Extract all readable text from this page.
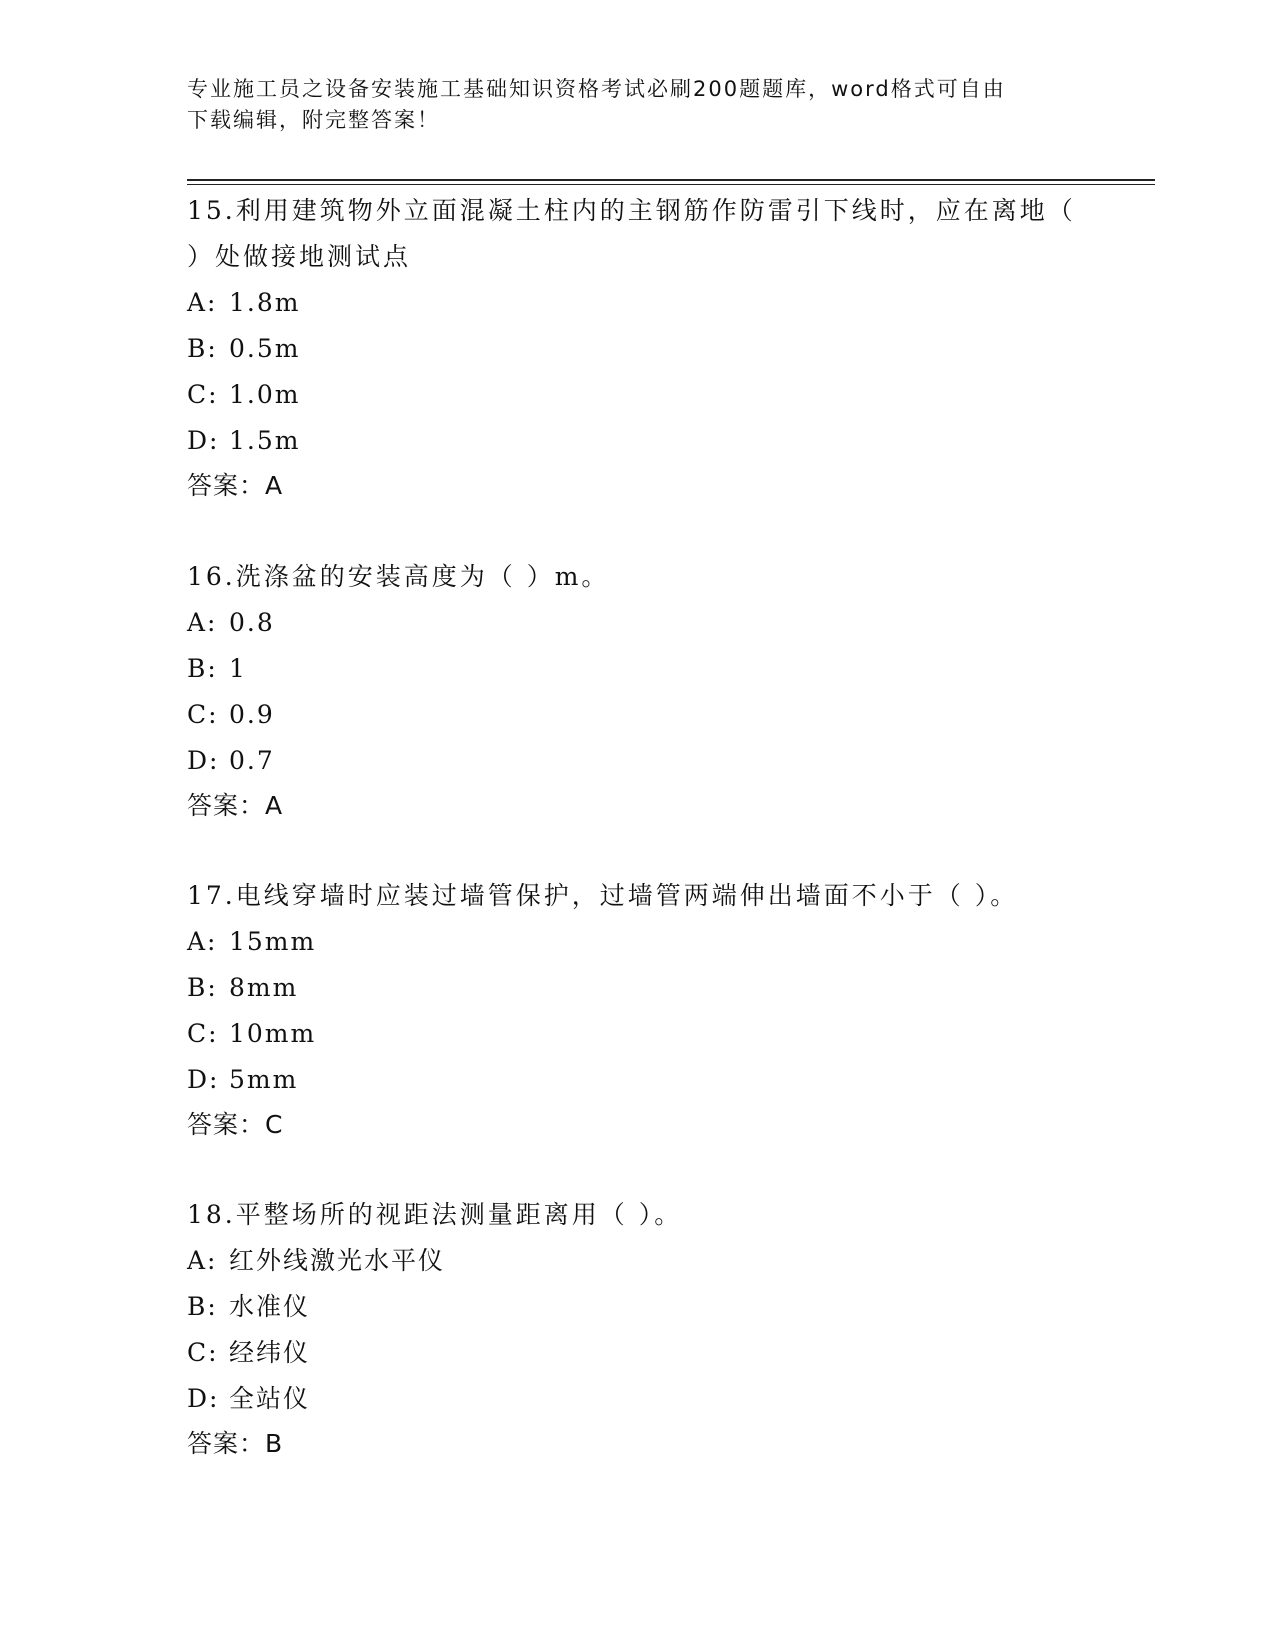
专业施工员之设备安装施工基础知识资格考试必刷200题题库，word格式可自由
下载编辑，附完整答案！

15.利用建筑物外立面混凝土柱内的主钢筋作防雷引下线时，应在离地（ ）处做接地测试点

A: 1.8m

B: 0.5m

C: 1.0m

D: 1.5m

答案：A

16.洗涤盆的安装高度为（ ）m。

A: 0.8

B: 1

C: 0.9

D: 0.7

答案：A

17.电线穿墙时应装过墙管保护，过墙管两端伸出墙面不小于（ ）。

A: 15mm

B: 8mm

C: 10mm

D: 5mm

答案：C

18.平整场所的视距法测量距离用（ ）。

A: 红外线激光水平仪

B: 水准仪

C: 经纬仪

D: 全站仪

答案：B
